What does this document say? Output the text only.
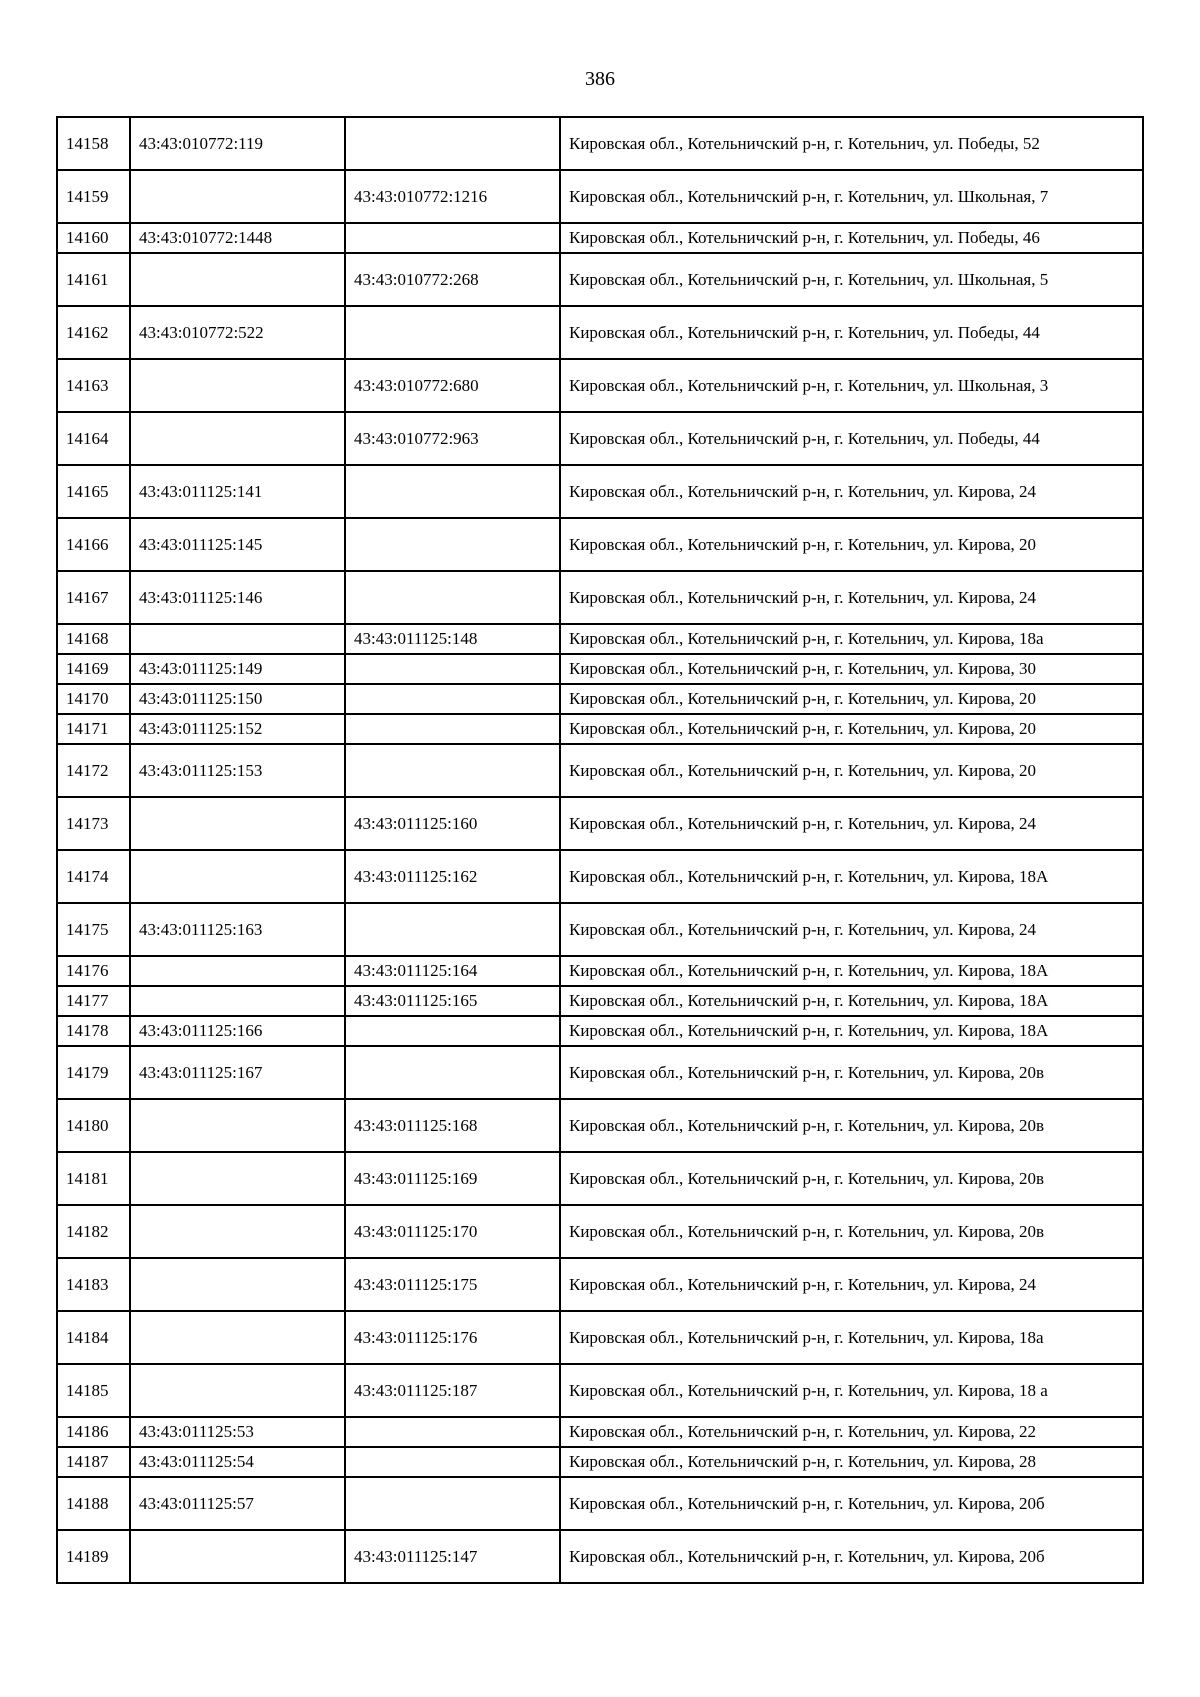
386
14158	43:43:010772:119		Кировская обл., Котельничский р-н, г. Котельнич, ул. Победы, 52
14159		43:43:010772:1216	Кировская обл., Котельничский р-н, г. Котельнич, ул. Школьная, 7
14160	43:43:010772:1448		Кировская обл., Котельничский р-н, г. Котельнич, ул. Победы, 46
14161		43:43:010772:268	Кировская обл., Котельничский р-н, г. Котельнич, ул. Школьная, 5
14162	43:43:010772:522		Кировская обл., Котельничский р-н, г. Котельнич, ул. Победы, 44
14163		43:43:010772:680	Кировская обл., Котельничский р-н, г. Котельнич, ул. Школьная, 3
14164		43:43:010772:963	Кировская обл., Котельничский р-н, г. Котельнич, ул. Победы, 44
14165	43:43:011125:141		Кировская обл., Котельничский р-н, г. Котельнич, ул. Кирова, 24
14166	43:43:011125:145		Кировская обл., Котельничский р-н, г. Котельнич, ул. Кирова, 20
14167	43:43:011125:146		Кировская обл., Котельничский р-н, г. Котельнич, ул. Кирова, 24
14168		43:43:011125:148	Кировская обл., Котельничский р-н, г. Котельнич, ул. Кирова, 18а
14169	43:43:011125:149		Кировская обл., Котельничский р-н, г. Котельнич, ул. Кирова, 30
14170	43:43:011125:150		Кировская обл., Котельничский р-н, г. Котельнич, ул. Кирова, 20
14171	43:43:011125:152		Кировская обл., Котельничский р-н, г. Котельнич, ул. Кирова, 20
14172	43:43:011125:153		Кировская обл., Котельничский р-н, г. Котельнич, ул. Кирова, 20
14173		43:43:011125:160	Кировская обл., Котельничский р-н, г. Котельнич, ул. Кирова, 24
14174		43:43:011125:162	Кировская обл., Котельничский р-н, г. Котельнич, ул. Кирова, 18А
14175	43:43:011125:163		Кировская обл., Котельничский р-н, г. Котельнич, ул. Кирова, 24
14176		43:43:011125:164	Кировская обл., Котельничский р-н, г. Котельнич, ул. Кирова, 18А
14177		43:43:011125:165	Кировская обл., Котельничский р-н, г. Котельнич, ул. Кирова, 18А
14178	43:43:011125:166		Кировская обл., Котельничский р-н, г. Котельнич, ул. Кирова, 18А
14179	43:43:011125:167		Кировская обл., Котельничский р-н, г. Котельнич, ул. Кирова, 20в
14180		43:43:011125:168	Кировская обл., Котельничский р-н, г. Котельнич, ул. Кирова, 20в
14181		43:43:011125:169	Кировская обл., Котельничский р-н, г. Котельнич, ул. Кирова, 20в
14182		43:43:011125:170	Кировская обл., Котельничский р-н, г. Котельнич, ул. Кирова, 20в
14183		43:43:011125:175	Кировская обл., Котельничский р-н, г. Котельнич, ул. Кирова, 24
14184		43:43:011125:176	Кировская обл., Котельничский р-н, г. Котельнич, ул. Кирова, 18а
14185		43:43:011125:187	Кировская обл., Котельничский р-н, г. Котельнич, ул. Кирова, 18 а
14186	43:43:011125:53		Кировская обл., Котельничский р-н, г. Котельнич, ул. Кирова, 22
14187	43:43:011125:54		Кировская обл., Котельничский р-н, г. Котельнич, ул. Кирова, 28
14188	43:43:011125:57		Кировская обл., Котельничский р-н, г. Котельнич, ул. Кирова, 20б
14189		43:43:011125:147	Кировская обл., Котельничский р-н, г. Котельнич, ул. Кирова, 20б
